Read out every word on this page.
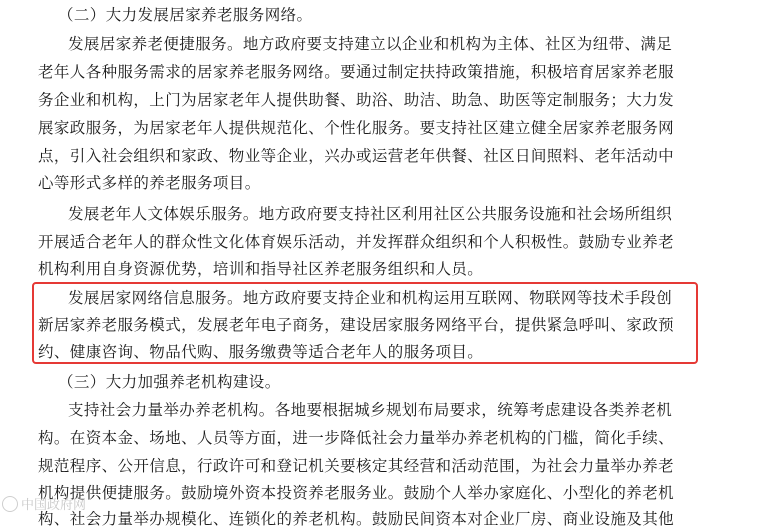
（二）大力发展居家养老服务网络。
发展居家养老便捷服务。地方政府要支持建立以企业和机构为主体、社区为纽带、满足
老年人各种服务需求的居家养老服务网络。要通过制定扶持政策措施，积极培育居家养老服
务企业和机构，上门为居家老年人提供助餐、助浴、助洁、助急、助医等定制服务；大力发
展家政服务，为居家老年人提供规范化、个性化服务。要支持社区建立健全居家养老服务网
点，引入社会组织和家政、物业等企业，兴办或运营老年供餐、社区日间照料、老年活动中
心等形式多样的养老服务项目。
发展老年人文体娱乐服务。地方政府要支持社区利用社区公共服务设施和社会场所组织
开展适合老年人的群众性文化体育娱乐活动，并发挥群众组织和个人积极性。鼓励专业养老
机构利用自身资源优势，培训和指导社区养老服务组织和人员。
发展居家网络信息服务。地方政府要支持企业和机构运用互联网、物联网等技术手段创
新居家养老服务模式，发展老年电子商务，建设居家服务网络平台，提供紧急呼叫、家政预
约、健康咨询、物品代购、服务缴费等适合老年人的服务项目。
（三）大力加强养老机构建设。
支持社会力量举办养老机构。各地要根据城乡规划布局要求，统筹考虑建设各类养老机
构。在资本金、场地、人员等方面，进一步降低社会力量举办养老机构的门槛，简化手续、
规范程序、公开信息，行政许可和登记机关要核定其经营和活动范围，为社会力量举办养老
机构提供便捷服务。鼓励境外资本投资养老服务业。鼓励个人举办家庭化、小型化的养老机
构、社会力量举办规模化、连锁化的养老机构。鼓励民间资本对企业厂房、商业设施及其他
中国政府网
